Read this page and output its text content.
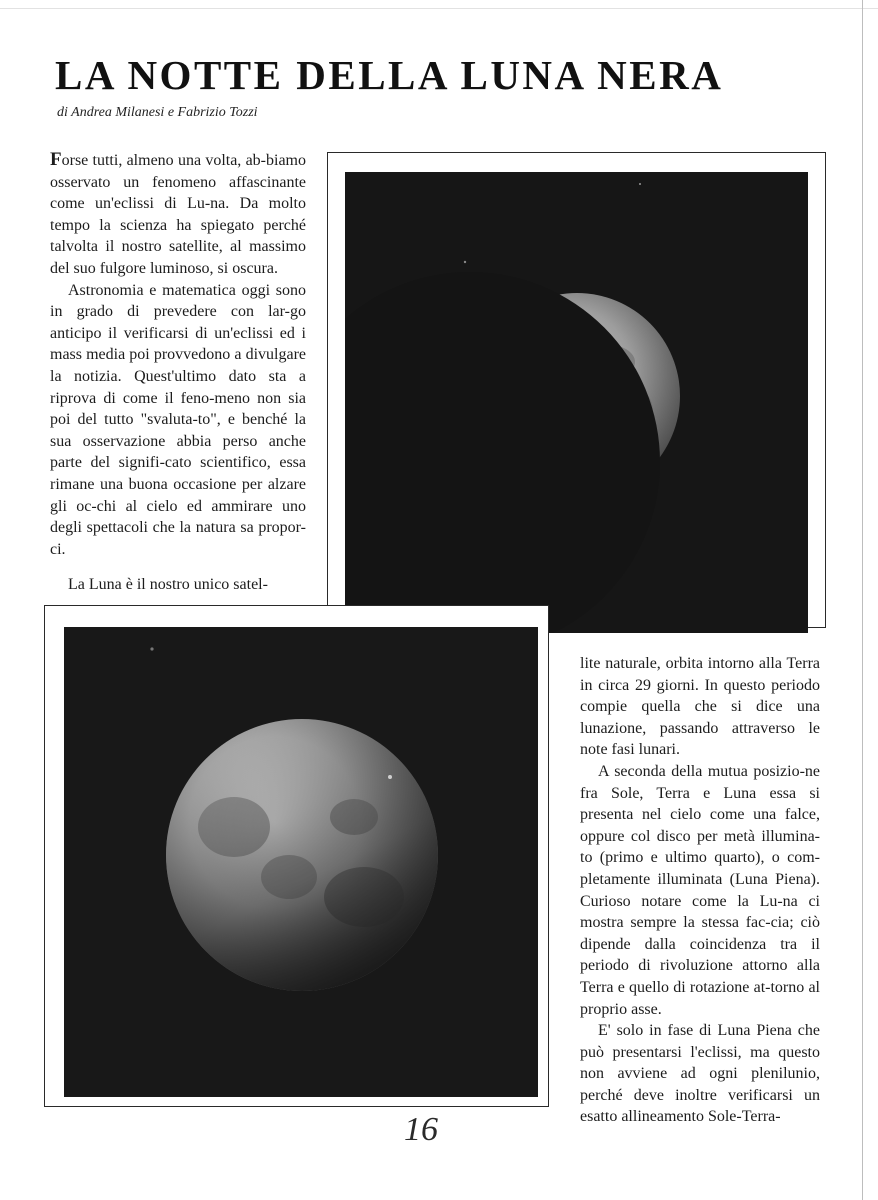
LA NOTTE DELLA LUNA NERA

di Andrea Milanesi e Fabrizio Tozzi

Forse tutti, almeno una volta, ab-biamo osservato un fenomeno affascinante come un'eclissi di Lu-na. Da molto tempo la scienza ha spiegato perché talvolta il nostro satellite, al massimo del suo fulgore luminoso, si oscura.

Astronomia e matematica oggi sono in grado di prevedere con lar-go anticipo il verificarsi di un'eclissi ed i mass media poi provvedono a divulgare la notizia. Quest'ultimo dato sta a riprova di come il feno-meno non sia poi del tutto "svaluta-to", e benché la sua osservazione abbia perso anche parte del signifi-cato scientifico, essa rimane una buona occasione per alzare gli oc-chi al cielo ed ammirare uno degli spettacoli che la natura sa propor-ci.

La Luna è il nostro unico satel-

lite naturale, orbita intorno alla Terra in circa 29 giorni. In questo periodo compie quella che si dice una lunazione, passando attraverso le note fasi lunari.

A seconda della mutua posizio-ne fra Sole, Terra e Luna essa si presenta nel cielo come una falce, oppure col disco per metà illumina-to (primo e ultimo quarto), o com-pletamente illuminata (Luna Piena). Curioso notare come la Lu-na ci mostra sempre la stessa fac-cia; ciò dipende dalla coincidenza tra il periodo di rivoluzione attorno alla Terra e quello di rotazione at-torno al proprio asse.

E' solo in fase di Luna Piena che può presentarsi l'eclissi, ma questo non avviene ad ogni plenilunio, perché deve inoltre verificarsi un esatto allineamento Sole-Terra-

16
